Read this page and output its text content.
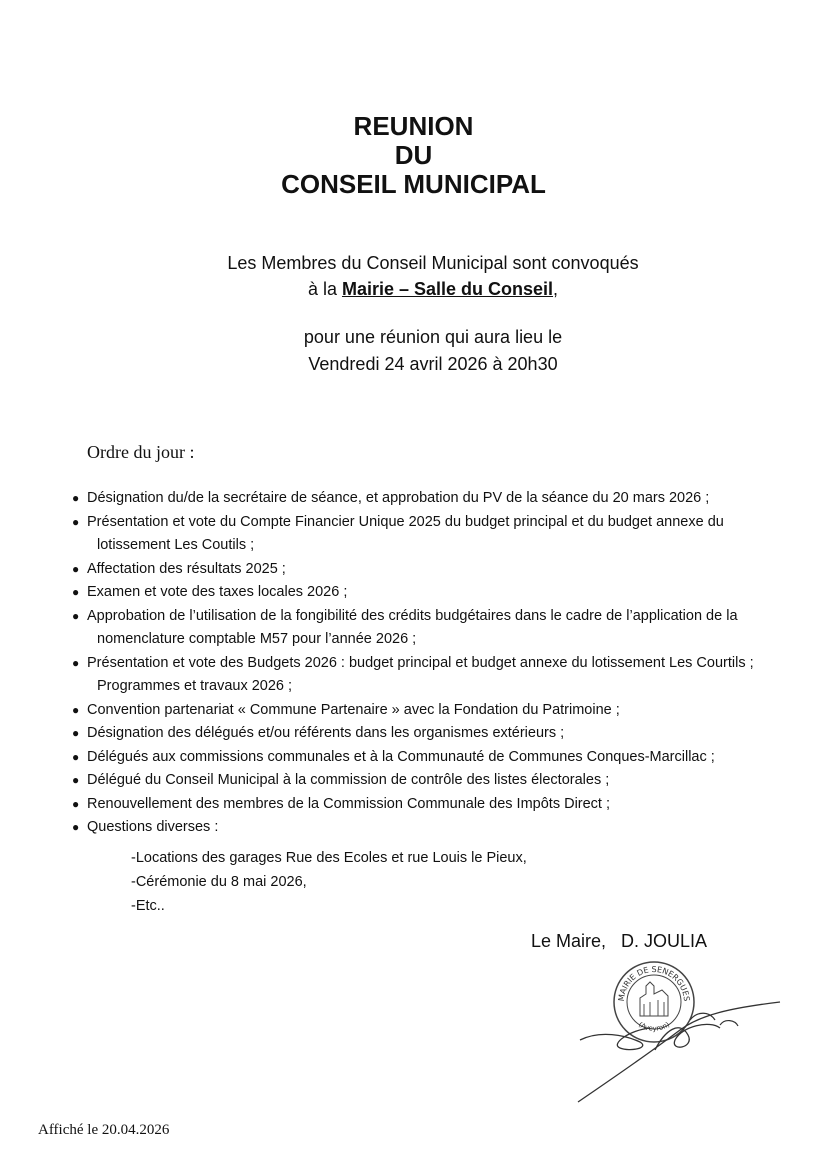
REUNION
DU
CONSEIL MUNICIPAL
Les Membres du Conseil Municipal sont convoqués
à la Mairie – Salle du Conseil,
pour une réunion qui aura lieu le
Vendredi 24 avril 2026 à 20h30
Ordre du jour :
● Désignation du/de la secrétaire de séance, et approbation du PV de la séance du 20 mars 2026 ;
● Présentation et vote du Compte Financier Unique 2025 du budget principal et du budget annexe du
lotissement Les Coutils ;
● Affectation des résultats 2025 ;
● Examen et vote des taxes locales 2026 ;
● Approbation de l’utilisation de la fongibilité des crédits budgétaires dans le cadre de l’application de la
nomenclature comptable M57 pour l’année 2026 ;
● Présentation et vote des Budgets 2026 : budget principal et budget annexe du lotissement Les Courtils ;
Programmes et travaux 2026 ;
● Convention partenariat « Commune Partenaire » avec la Fondation du Patrimoine ;
● Désignation des délégués et/ou référents dans les organismes extérieurs ;
● Délégués aux commissions communales et à la Communauté de Communes Conques-Marcillac ;
● Délégué du Conseil Municipal à la commission de contrôle des listes électorales ;
● Renouvellement des membres de la Commission Communale des Impôts Direct ;
● Questions diverses :
-Locations des garages Rue des Ecoles et rue Louis le Pieux,
-Cérémonie du 8 mai 2026,
-Etc..
Le Maire,   D. JOULIA
MAIRIE DE SENERGUES
(Aveyron)
Affiché le 20.04.2026
